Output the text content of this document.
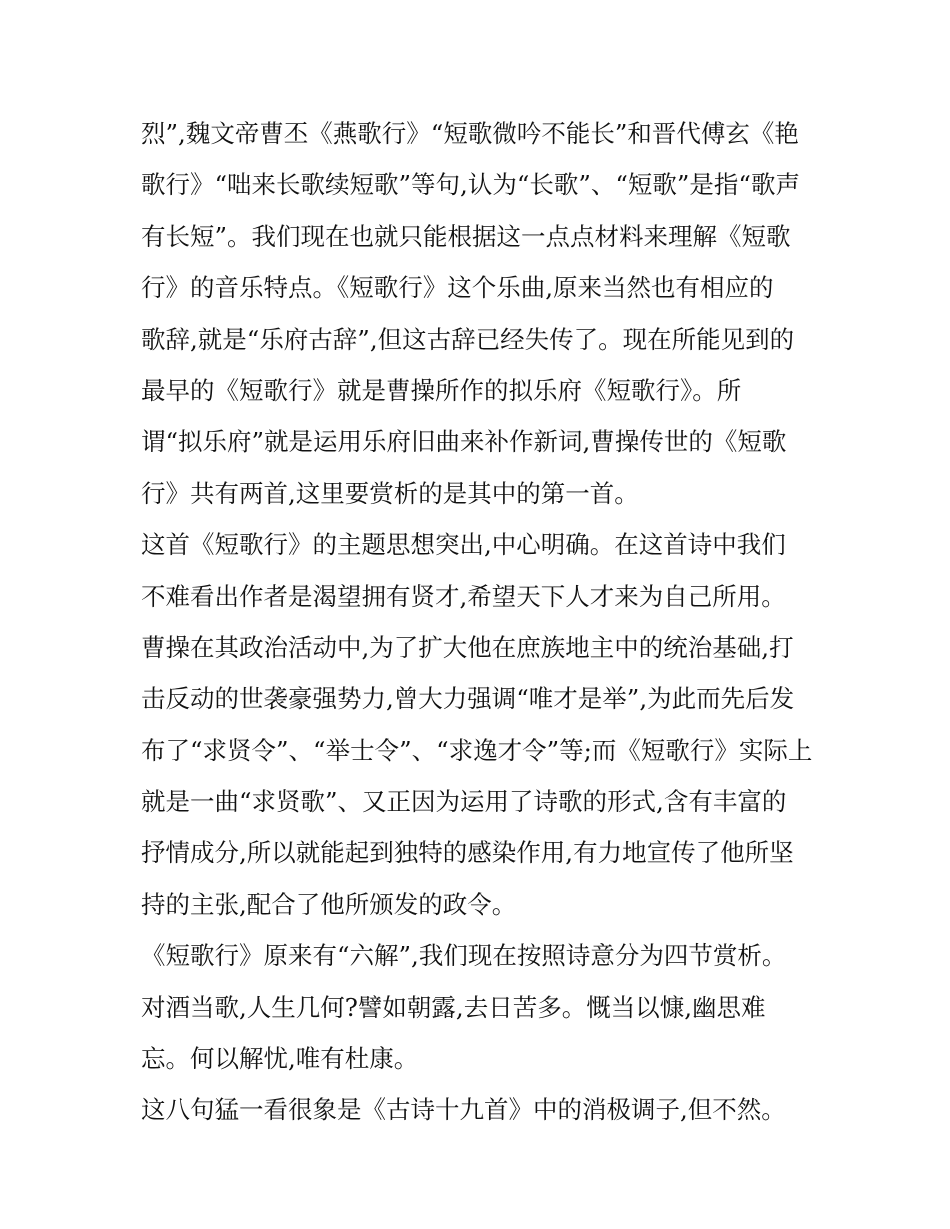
烈”,魏文帝曹丕《燕歌行》“短歌微吟不能长”和晋代傅玄《艳
歌行》“咄来长歌续短歌”等句,认为“长歌”、“短歌”是指“歌声
有长短”。我们现在也就只能根据这一点点材料来理解《短歌
行》的音乐特点。《短歌行》这个乐曲,原来当然也有相应的
歌辞,就是“乐府古辞”,但这古辞已经失传了。现在所能见到的
最早的《短歌行》就是曹操所作的拟乐府《短歌行》。所
谓“拟乐府”就是运用乐府旧曲来补作新词,曹操传世的《短歌
行》共有两首,这里要赏析的是其中的第一首。
这首《短歌行》的主题思想突出,中心明确。在这首诗中我们
不难看出作者是渴望拥有贤才,希望天下人才来为自己所用。
曹操在其政治活动中,为了扩大他在庶族地主中的统治基础,打
击反动的世袭豪强势力,曾大力强调“唯才是举”,为此而先后发
布了“求贤令”、“举士令”、“求逸才令”等;而《短歌行》实际上
就是一曲“求贤歌”、又正因为运用了诗歌的形式,含有丰富的
抒情成分,所以就能起到独特的感染作用,有力地宣传了他所坚
持的主张,配合了他所颁发的政令。
《短歌行》原来有“六解”,我们现在按照诗意分为四节赏析。
对酒当歌,人生几何?譬如朝露,去日苦多。慨当以慷,幽思难
忘。何以解忧,唯有杜康。
这八句猛一看很象是《古诗十九首》中的消极调子,但不然。
